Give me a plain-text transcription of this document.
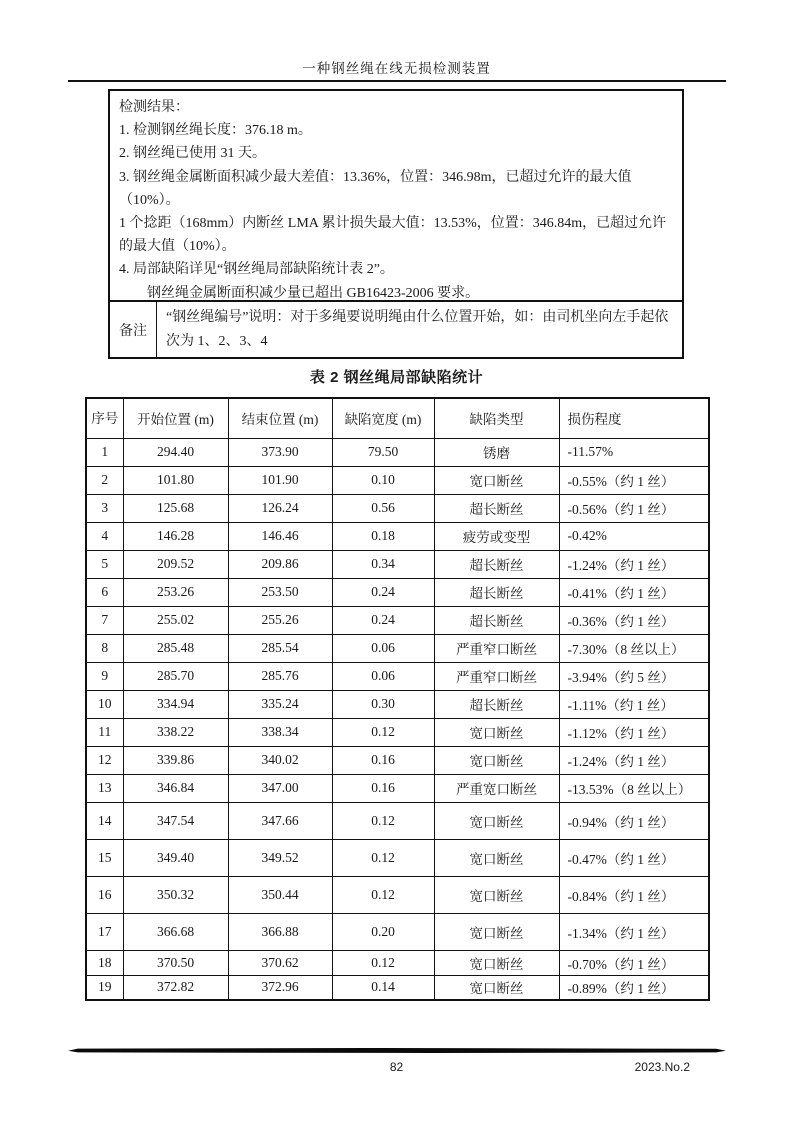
一种钢丝绳在线无损检测装置
检测结果：
1. 检测钢丝绳长度：376.18 m。
2. 钢丝绳已使用 31 天。
3. 钢丝绳金属断面积减少最大差值：13.36%，位置：346.98m，已超过允许的最大值（10%）。
1 个捻距（168mm）内断丝 LMA 累计损失最大值：13.53%，位置：346.84m，已超过允许的最大值（10%）。
4. 局部缺陷详见“钢丝绳局部缺陷统计表 2”。
　　钢丝绳金属断面积减少量已超出 GB16423-2006 要求。
备注
“钢丝绳编号”说明：对于多绳要说明绳由什么位置开始，如：由司机坐向左手起依次为 1、2、3、4
表 2 钢丝绳局部缺陷统计
序号	开始位置 (m)	结束位置 (m)	缺陷宽度 (m)	缺陷类型	损伤程度
1	294.40	373.90	79.50	锈磨	-11.57%
2	101.80	101.90	0.10	宽口断丝	-0.55%（约 1 丝）
3	125.68	126.24	0.56	超长断丝	-0.56%（约 1 丝）
4	146.28	146.46	0.18	疲劳或变型	-0.42%
5	209.52	209.86	0.34	超长断丝	-1.24%（约 1 丝）
6	253.26	253.50	0.24	超长断丝	-0.41%（约 1 丝）
7	255.02	255.26	0.24	超长断丝	-0.36%（约 1 丝）
8	285.48	285.54	0.06	严重窄口断丝	-7.30%（8 丝以上）
9	285.70	285.76	0.06	严重窄口断丝	-3.94%（约 5 丝）
10	334.94	335.24	0.30	超长断丝	-1.11%（约 1 丝）
11	338.22	338.34	0.12	宽口断丝	-1.12%（约 1 丝）
12	339.86	340.02	0.16	宽口断丝	-1.24%（约 1 丝）
13	346.84	347.00	0.16	严重宽口断丝	-13.53%（8 丝以上）
14	347.54	347.66	0.12	宽口断丝	-0.94%（约 1 丝）
15	349.40	349.52	0.12	宽口断丝	-0.47%（约 1 丝）
16	350.32	350.44	0.12	宽口断丝	-0.84%（约 1 丝）
17	366.68	366.88	0.20	宽口断丝	-1.34%（约 1 丝）
18	370.50	370.62	0.12	宽口断丝	-0.70%（约 1 丝）
19	372.82	372.96	0.14	宽口断丝	-0.89%（约 1 丝）
82	2023.No.2
